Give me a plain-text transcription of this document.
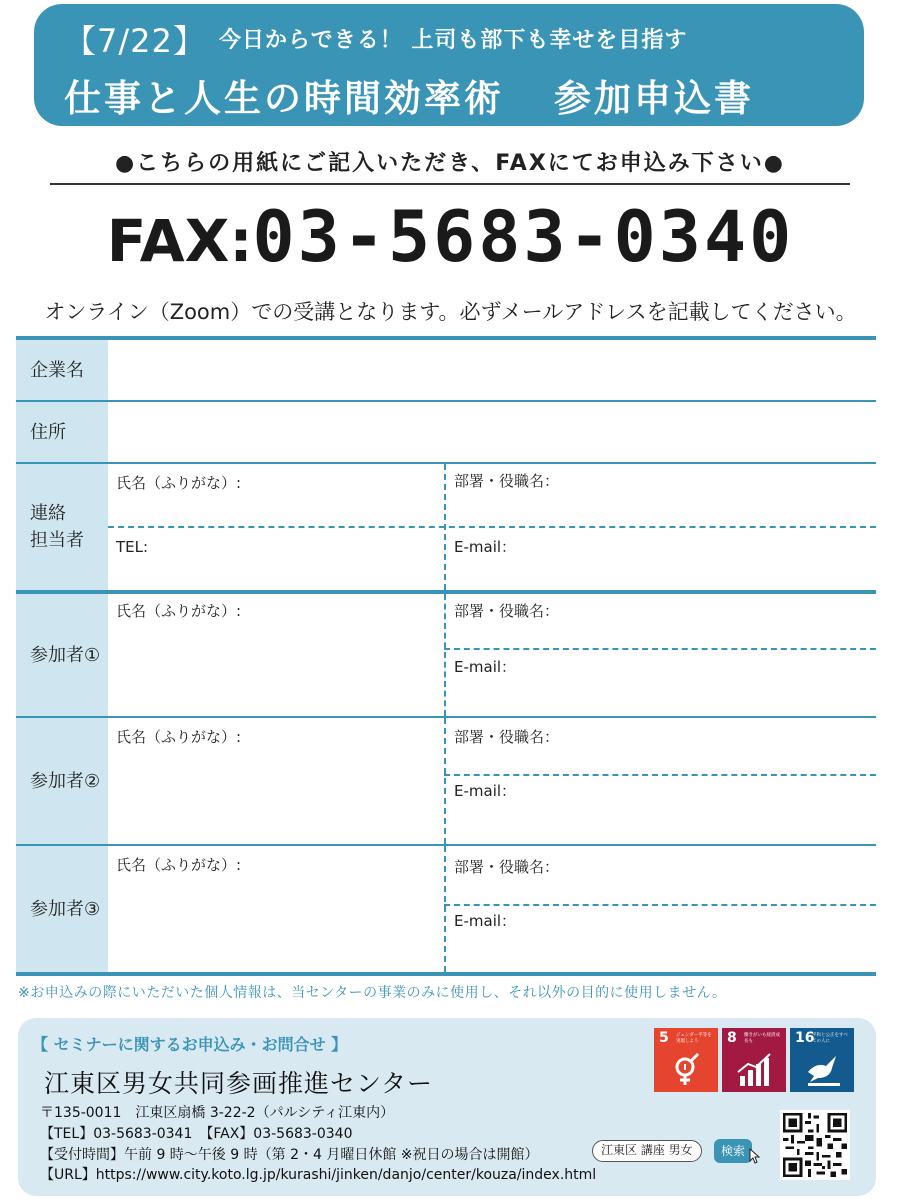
【7/22】 今日からできる！ 上司も部下も幸せを目指す
仕事と人生の時間効率術 参加申込書
●こちらの用紙にご記入いただき、FAXにてお申込み下さい●
FAX:03-5683-0340
オンライン（Zoom）での受講となります。必ずメールアドレスを記載してください。
企業名
住所
連絡
担当者
氏名（ふりがな）:	部署・役職名：
TEL:	E-mail：
参加者①
氏名（ふりがな）:	部署・役職名：
E-mail：
参加者②
氏名（ふりがな）:	部署・役職名：
E-mail：
参加者③
氏名（ふりがな）:	部署・役職名：
E-mail：
※お申込みの際にいただいた個人情報は、当センターの事業のみに使用し、それ以外の目的に使用しません。
【 セミナーに関するお申込み・お問合せ 】
江東区男女共同参画推進センター
〒135-0011　江東区扇橋 3-22-2（パルシティ江東内）
【TEL】03-5683-0341　【FAX】03-5683-0340
【受付時間】午前 9 時〜午後 9 時（第 2・4 月曜日休館 ※祝日の場合は開館）
【URL】https://www.city.koto.lg.jp/kurashi/jinken/danjo/center/kouza/index.html
江東区 講座 男女	検索
5 ジェンダー平等を実現しよう	8 働きがいも経済成長も	16
平和と公正をすべての人に
